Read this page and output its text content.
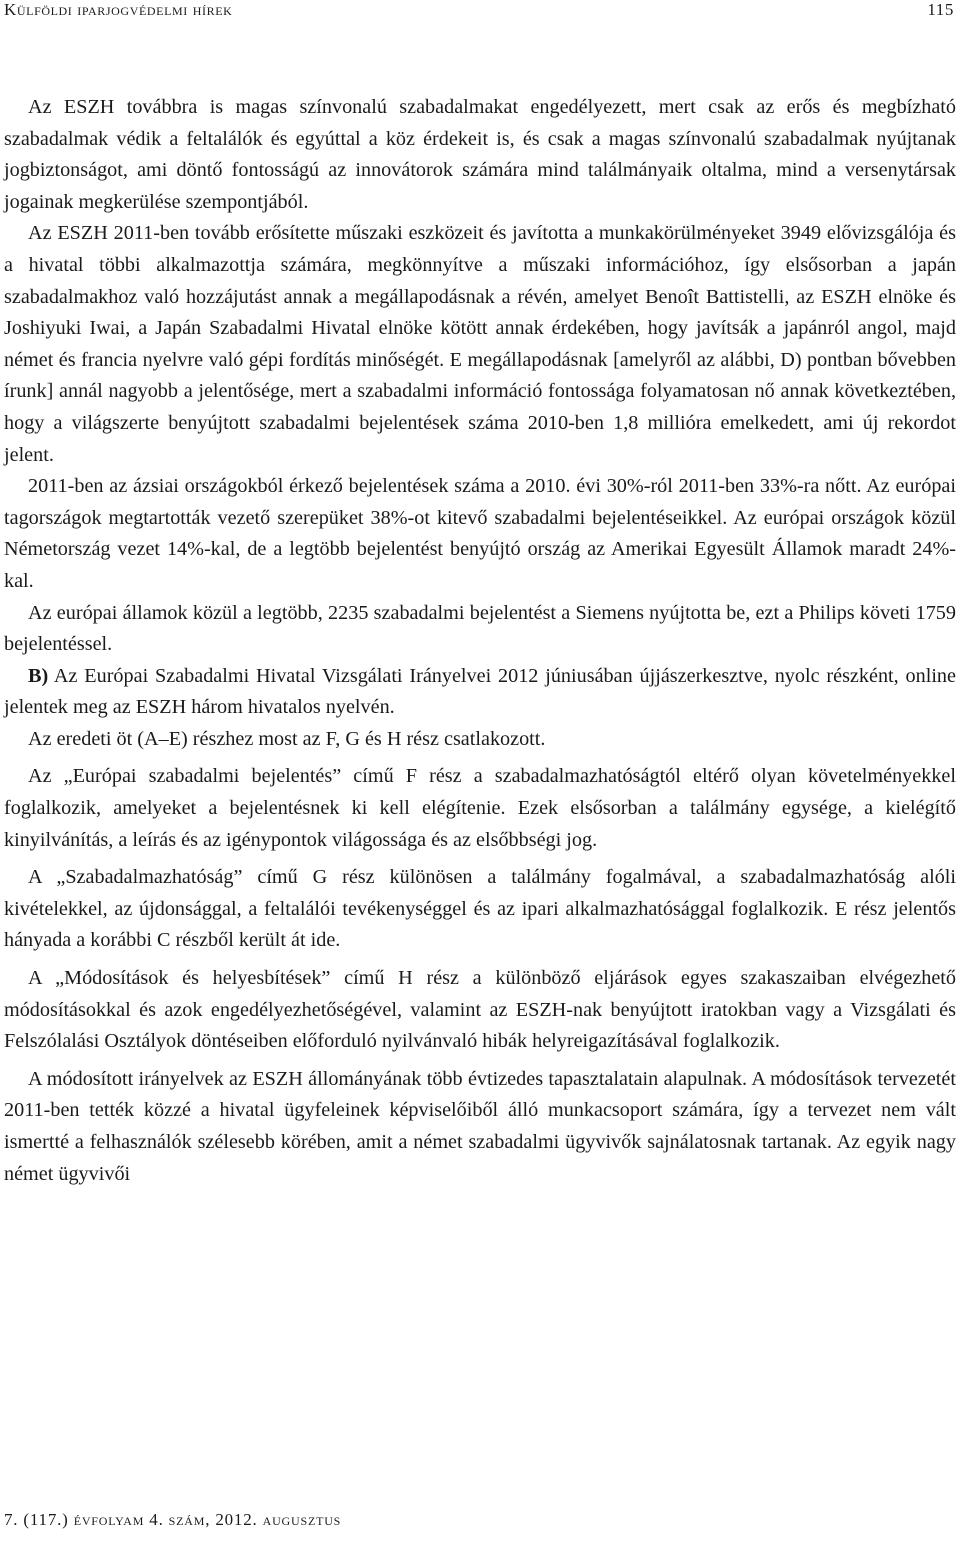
Külföldi iparjogvédelmi hírek	115

Az ESZH továbbra is magas színvonalú szabadalmakat engedélyezett, mert csak az erős és megbízható szabadalmak védik a feltalálók és egyúttal a köz érdekeit is, és csak a magas színvonalú szabadalmak nyújtanak jogbiztonságot, ami döntő fontosságú az innovátorok számára mind találmányaik oltalma, mind a versenytársak jogainak megkerülése szempontjából.

Az ESZH 2011-ben tovább erősítette műszaki eszközeit és javította a munkakörülményeket 3949 elővizsgálója és a hivatal többi alkalmazottja számára, megkönnyítve a műszaki információhoz, így elsősorban a japán szabadalmakhoz való hozzájutást annak a megállapodásnak a révén, amelyet Benoît Battistelli, az ESZH elnöke és Joshiyuki Iwai, a Japán Szabadalmi Hivatal elnöke kötött annak érdekében, hogy javítsák a japánról angol, majd német és francia nyelvre való gépi fordítás minőségét. E megállapodásnak [amelyről az alábbi, D) pontban bővebben írunk] annál nagyobb a jelentősége, mert a szabadalmi információ fontossága folyamatosan nő annak következtében, hogy a világszerte benyújtott szabadalmi bejelentések száma 2010-ben 1,8 millióra emelkedett, ami új rekordot jelent.

2011-ben az ázsiai országokból érkező bejelentések száma a 2010. évi 30%-ról 2011-ben 33%-ra nőtt. Az európai tagországok megtartották vezető szerepüket 38%-ot kitevő szabadalmi bejelentéseikkel. Az európai országok közül Németország vezet 14%-kal, de a legtöbb bejelentést benyújtó ország az Amerikai Egyesült Államok maradt 24%-kal.

Az európai államok közül a legtöbb, 2235 szabadalmi bejelentést a Siemens nyújtotta be, ezt a Philips követi 1759 bejelentéssel.

B) Az Európai Szabadalmi Hivatal Vizsgálati Irányelvei 2012 júniusában újjászerkesztve, nyolc részként, online jelentek meg az ESZH három hivatalos nyelvén.

Az eredeti öt (A–E) részhez most az F, G és H rész csatlakozott.

Az „Európai szabadalmi bejelentés” című F rész a szabadalmazhatóságtól eltérő olyan követelményekkel foglalkozik, amelyeket a bejelentésnek ki kell elégítenie. Ezek elsősorban a találmány egysége, a kielégítő kinyilvánítás, a leírás és az igénypontok világossága és az elsőbbségi jog.

A „Szabadalmazhatóság” című G rész különösen a találmány fogalmával, a szabadalmazhatóság alóli kivételekkel, az újdonsággal, a feltalálói tevékenységgel és az ipari alkalmazhatósággal foglalkozik. E rész jelentős hányada a korábbi C részből került át ide.

A „Módosítások és helyesbítések” című H rész a különböző eljárások egyes szakaszaiban elvégezhető módosításokkal és azok engedélyezhetőségével, valamint az ESZH-nak benyújtott iratokban vagy a Vizsgálati és Felszólalási Osztályok döntéseiben előforduló nyilvánvaló hibák helyreigazításával foglalkozik.

A módosított irányelvek az ESZH állományának több évtizedes tapasztalatain alapulnak. A módosítások tervezetét 2011-ben tették közzé a hivatal ügyfeleinek képviselőiből álló munkacsoport számára, így a tervezet nem vált ismertté a felhasználók szélesebb körében, amit a német szabadalmi ügyvivők sajnálatosnak tartanak. Az egyik nagy német ügyvivői

7. (117.) évfolyam 4. szám, 2012. augusztus
